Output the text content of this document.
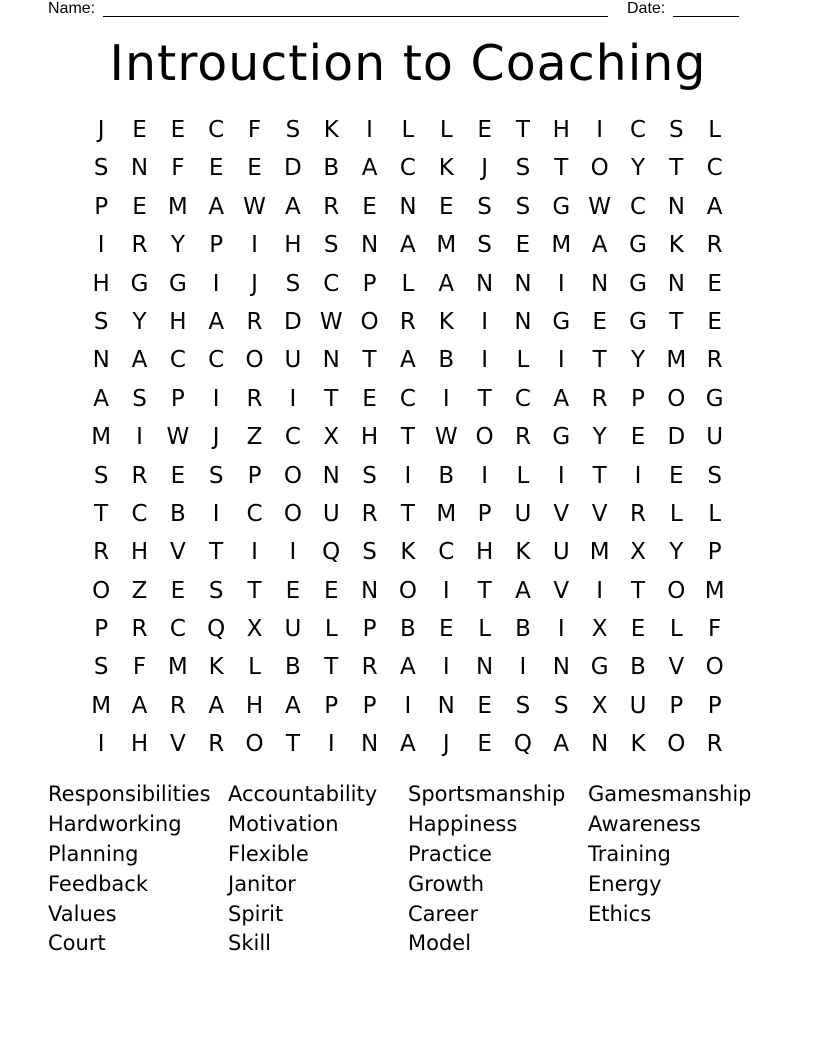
Name:	Date:
Introuction to Coaching
J	E	E	C	F	S	K	I	L	L	E	T H	I	C	S	L
S N	F	E	E D B A C K	J	S	T O Y	T	C
P	E M A W A R	E N E	S	S G W C N A
I	R	Y	P	I	H S N A M S	E M A G K R
H G G	I	J	S	C	P	L	A N N	I	N G N E
S	Y H A R D W O R K	I	N G E G T	E
N A C C O U N T	A B	I	L	I	T	Y M R
A	S	P	I	R	I	T	E	C	I	T	C A R	P O G
M	I	W	J	Z C X H T W O R G Y	E D U
S	R	E	S	P O N S	I	B	I	L	I	T	I	E	S
T	C B	I	C O U R	T M P U V V R	L	L
R H V	T	I	I	Q S	K C H K U M X	Y	P
O Z	E	S	T	E	E N O	I	T	A V	I	T O M
P	R C Q X U	L	P	B	E	L	B	I	X	E	L	F
S	F M K	L	B	T	R A	I	N	I	N G B V O
M A R A H A	P	P	I	N E	S	S	X U P	P
I	H V R O T	I	N A	J	E Q A N K O R
Responsibilities Accountability	Sportsmanship	Gamesmanship
Hardworking	Motivation	Happiness	Awareness
Planning	Flexible	Practice	Training
Feedback	Janitor	Growth	Energy
Values	Spirit	Career	Ethics
Court	Skill	Model
